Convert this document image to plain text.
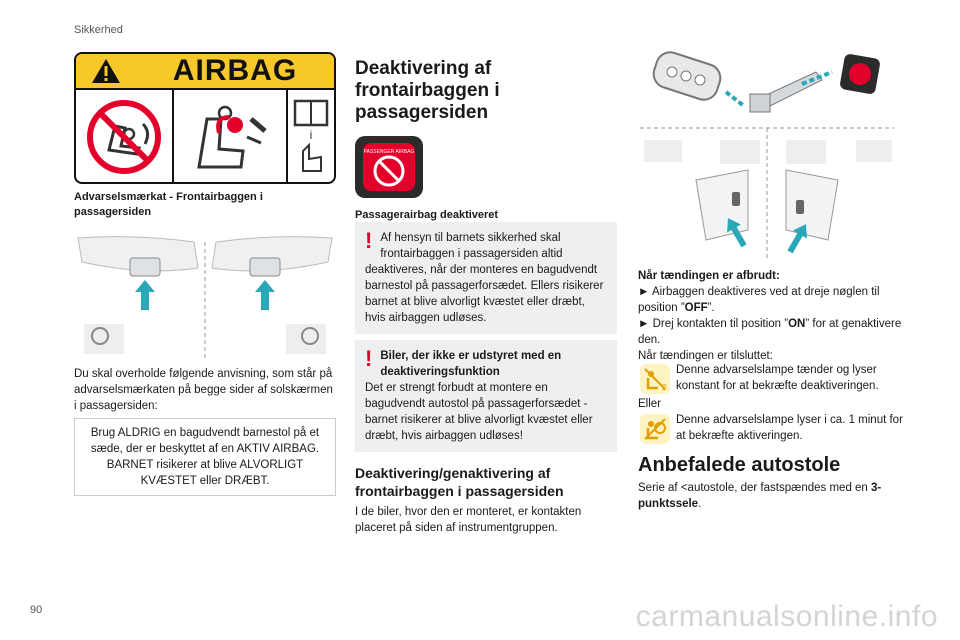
Sikkerhed
90
AIRBAG
i
Advarselsmærkat - Frontairbaggen i passagersiden
Du skal overholde følgende anvisning, som står på advarselsmærkaten på begge sider af solskærmen i passagersiden:
Brug ALDRIG en bagudvendt barnestol på et sæde, der er beskyttet af en AKTIV AIRBAG. BARNET risikerer at blive ALVORLIGT KVÆSTET eller DRÆBT.
Deaktivering af frontairbaggen i passagersiden
PASSENGER AIRBAG
Passagerairbag deaktiveret
! Af hensyn til barnets sikkerhed skal frontairbaggen i passagersiden altid deaktiveres, når der monteres en bagudvendt barnestol på passagerforsædet. Ellers risikerer barnet at blive alvorligt kvæstet eller dræbt, hvis airbaggen udløses.
! Biler, der ikke er udstyret med en deaktiveringsfunktion
Det er strengt forbudt at montere en bagudvendt autostol på passagerforsædet - barnet risikerer at blive alvorligt kvæstet eller dræbt, hvis airbaggen udløses!
Deaktivering/genaktivering af frontairbaggen i passagersiden
I de biler, hvor den er monteret, er kontakten placeret på siden af instrumentgruppen.
Når tændingen er afbrudt:
► Airbaggen deaktiveres ved at dreje nøglen til position ”OFF”.
► Drej kontakten til position ”ON” for at genaktivere den.
Når tændingen er tilsluttet:
2
Denne advarselslampe tænder og lyser konstant for at bekræfte deaktiveringen.
Eller
Denne advarselslampe lyser i ca. 1 minut for at bekræfte aktiveringen.
Anbefalede autostole
Serie af <autostole, der fastspændes med en 3-punktssele.
carmanualsonline.info
